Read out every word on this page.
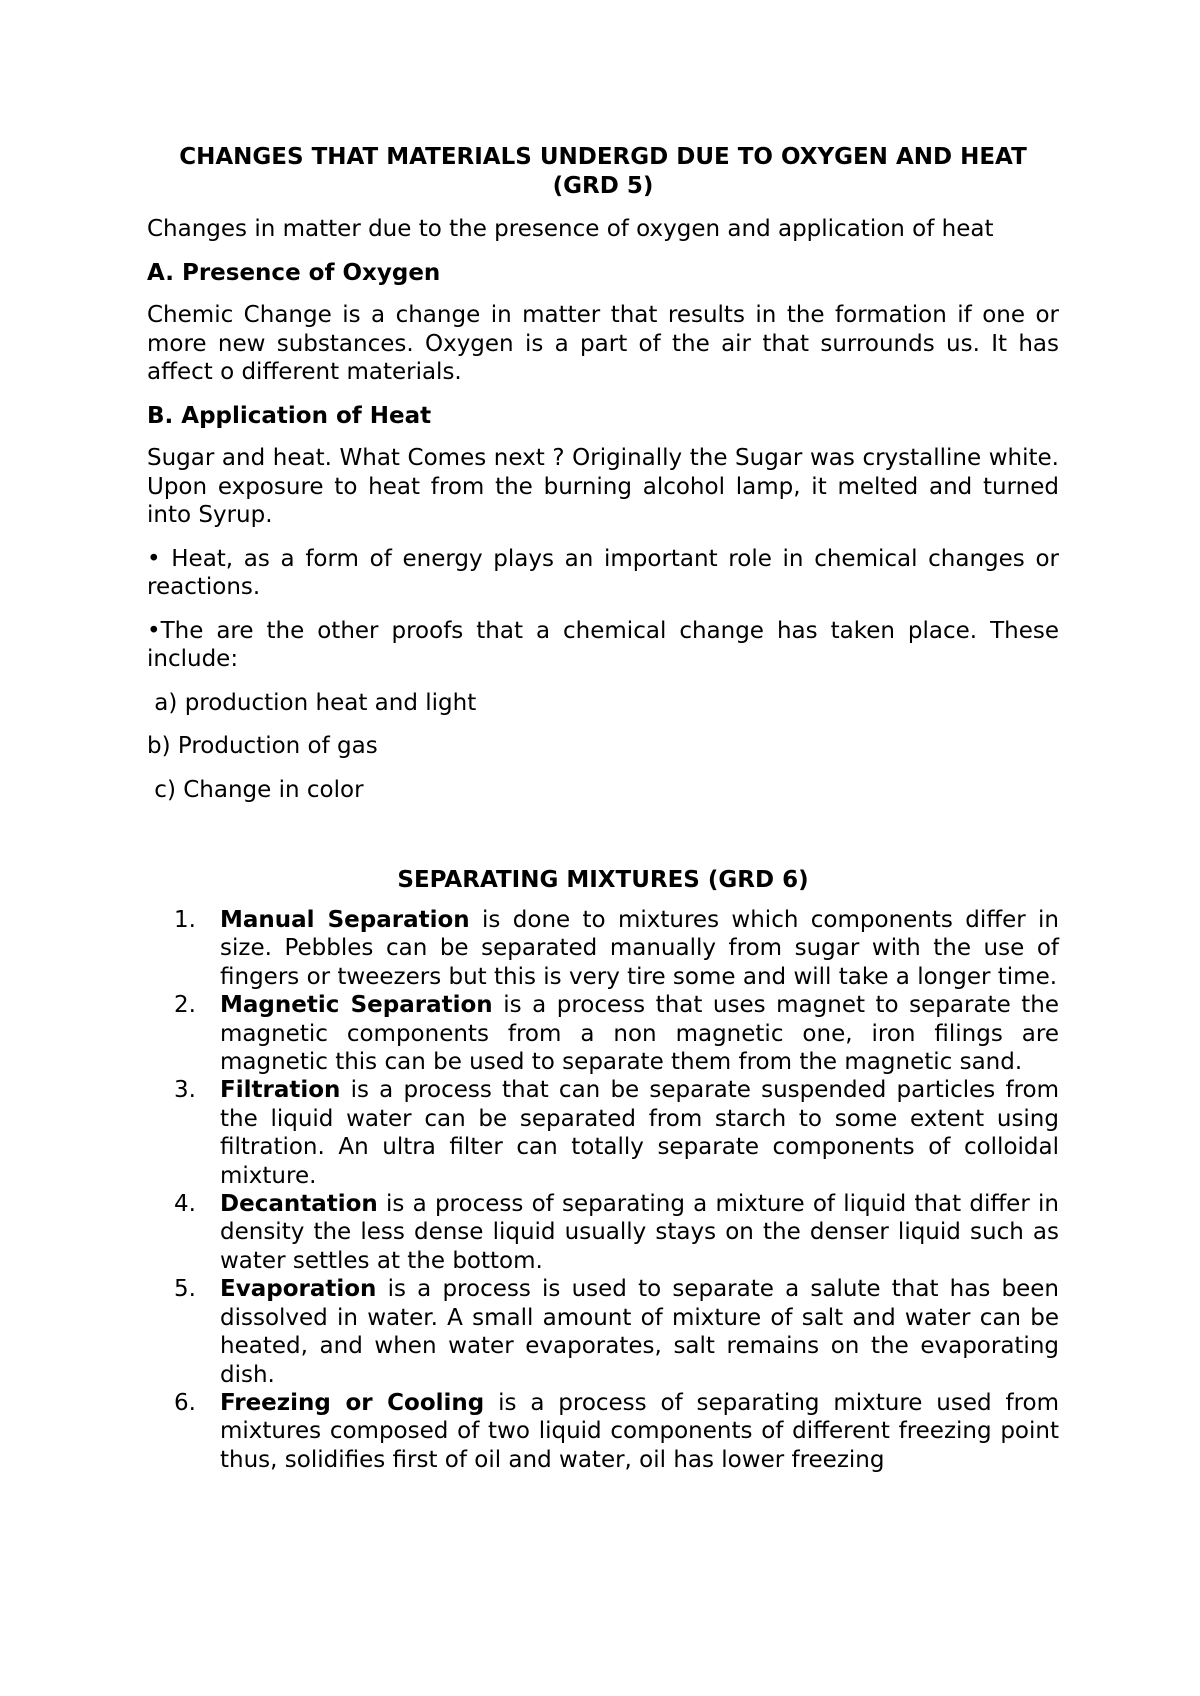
CHANGES THAT MATERIALS UNDERGD DUE TO OXYGEN AND HEAT
(GRD 5)

Changes in matter due to the presence of oxygen and application of heat

A. Presence of Oxygen

Chemic Change is a change in matter that results in the formation if one or more new substances. Oxygen is a part of the air that surrounds us. It has affect o different materials.

B. Application of Heat

Sugar and heat. What Comes next ? Originally the Sugar was crystalline white. Upon exposure to heat from the burning alcohol lamp, it melted and turned into Syrup.

• Heat, as a form of energy plays an important role in chemical changes or reactions.

•The are the other proofs that a chemical change has taken place. These include:

a) production heat and light

b) Production of gas

c) Change in color

SEPARATING MIXTURES (GRD 6)
1.	Manual Separation is done to mixtures which components differ in size. Pebbles can be separated manually from sugar with the use of fingers or tweezers but this is very tire some and will take a longer time.
2.	Magnetic Separation is a process that uses magnet to separate the magnetic components from a non magnetic one, iron filings are magnetic this can be used to separate them from the magnetic sand.
3.	Filtration is a process that can be separate suspended particles from the liquid water can be separated from starch to some extent using filtration. An ultra filter can totally separate components of colloidal mixture.
4.	Decantation is a process of separating a mixture of liquid that differ in density the less dense liquid usually stays on the denser liquid such as water settles at the bottom.
5.	Evaporation is a process is used to separate a salute that has been dissolved in water. A small amount of mixture of salt and water can be heated, and when water evaporates, salt remains on the evaporating dish.
6.	Freezing or Cooling is a process of separating mixture used from mixtures composed of two liquid components of different freezing point thus, solidifies first of oil and water, oil has lower freezing
